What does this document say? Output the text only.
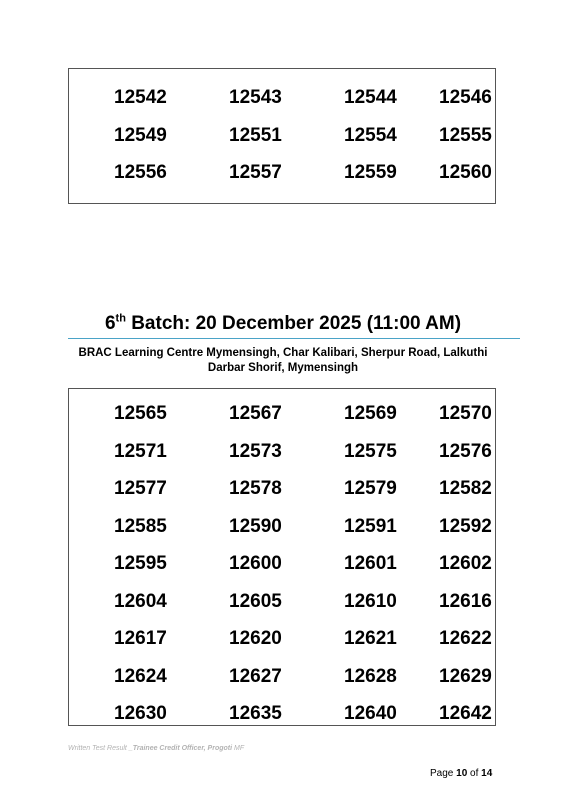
12542	12543	12544 12546
12549	12551	12554 12555
12556	12557	12559 12560
6th Batch: 20 December 2025 (11:00 AM)
BRAC Learning Centre Mymensingh, Char Kalibari, Sherpur Road, Lalkuthi
Darbar Shorif, Mymensingh
12565	12567	12569 12570
12571	12573	12575 12576
12577	12578	12579 12582
12585	12590	12591 12592
12595	12600	12601 12602
12604	12605	12610 12616
12617	12620	12621 12622
12624	12627	12628 12629
12630	12635	12640 12642
Written Test Result _Trainee Credit Officer, Progoti MF
Page 10 of 14
